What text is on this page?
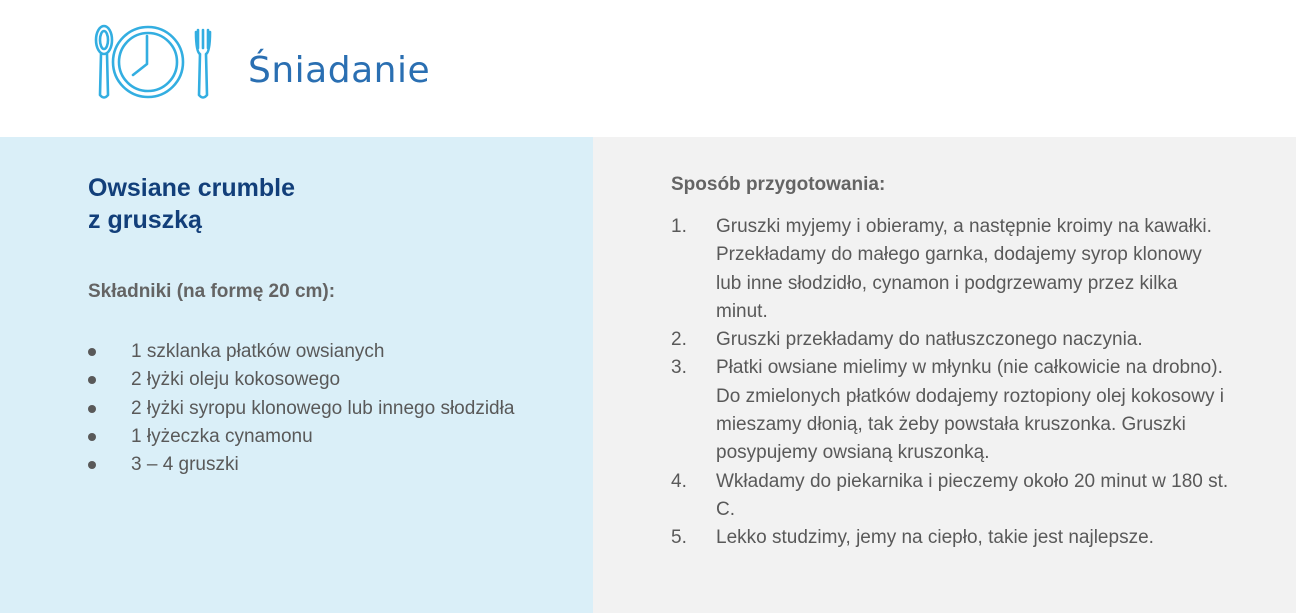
Śniadanie
Owsiane crumble
z gruszką
Składniki (na formę 20 cm):
1 szklanka płatków owsianych
2 łyżki oleju kokosowego
2 łyżki syropu klonowego lub innego słodzidła
1 łyżeczka cynamonu
3 – 4 gruszki
Sposób przygotowania:
1. Gruszki myjemy i obieramy, a następnie kroimy na kawałki. Przekładamy do małego garnka, dodajemy syrop klonowy lub inne słodzidło, cynamon i podgrzewamy przez kilka minut.
2. Gruszki przekładamy do natłuszczonego naczynia.
3. Płatki owsiane mielimy w młynku (nie całkowicie na drobno). Do zmielonych płatków dodajemy roztopiony olej kokosowy i mieszamy dłonią, tak żeby powstała kruszonka. Gruszki posypujemy owsianą kruszonką.
4. Wkładamy do piekarnika i pieczemy około 20 minut w 180 st. C.
5. Lekko studzimy, jemy na ciepło, takie jest najlepsze.
